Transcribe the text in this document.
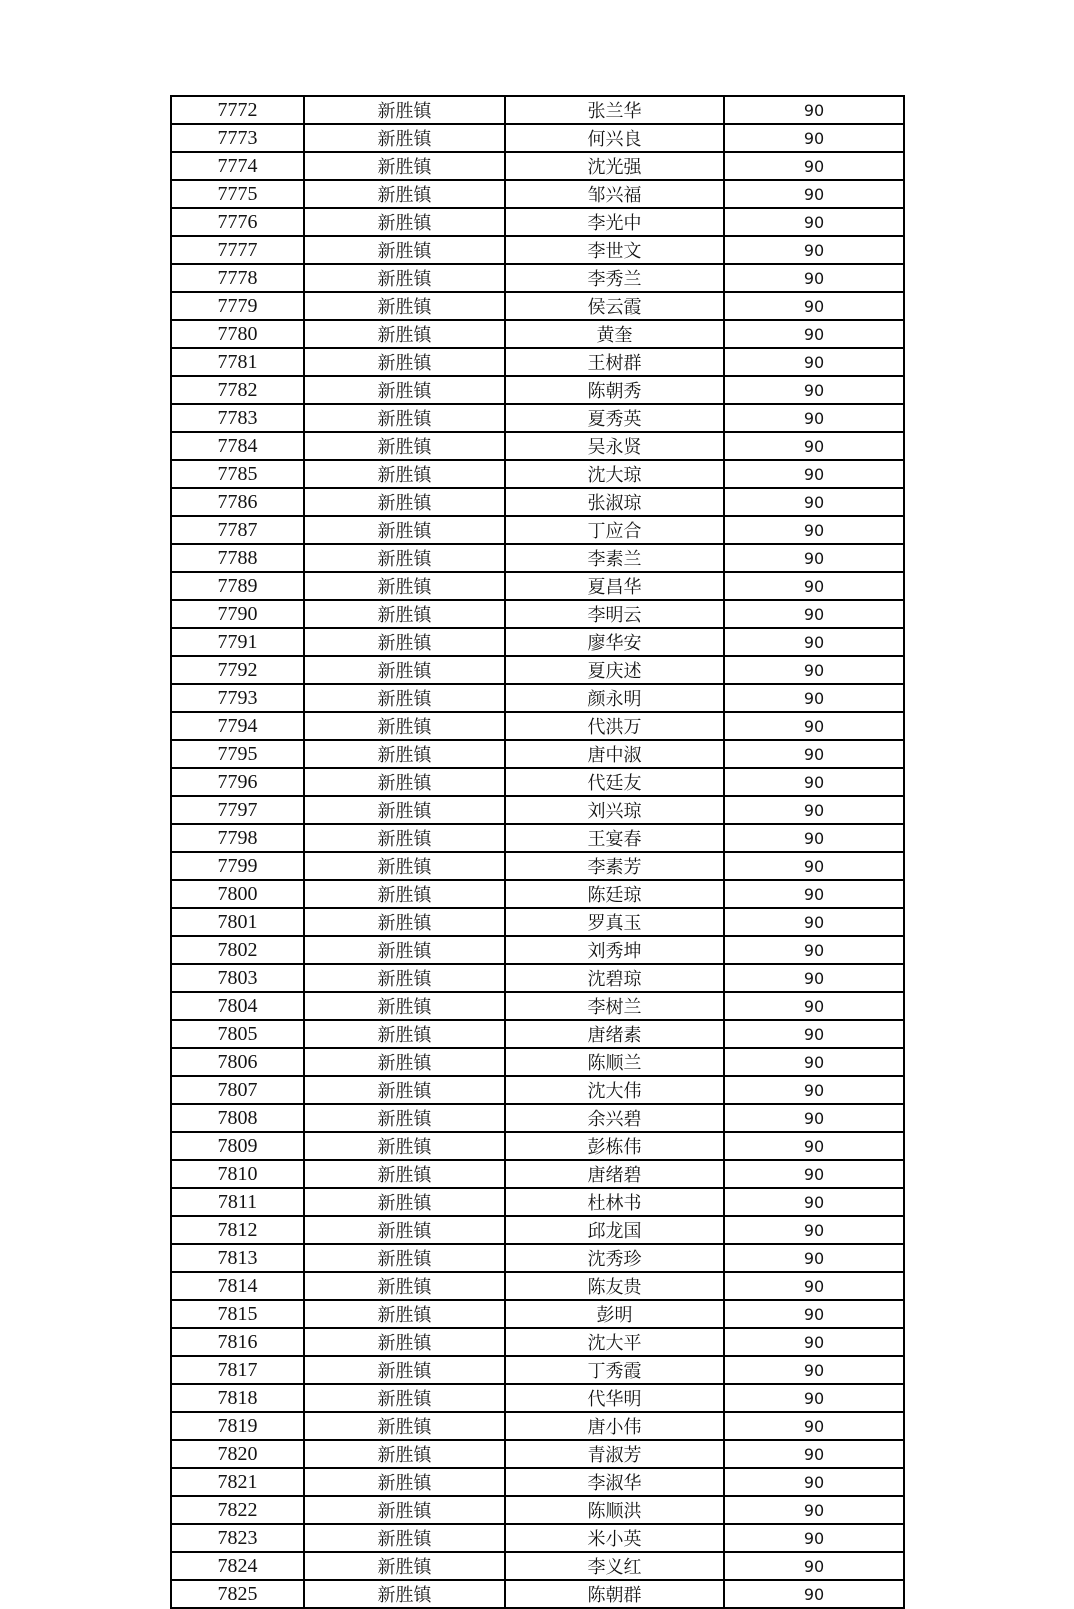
7772	新胜镇	张兰华	90
7773	新胜镇	何兴良	90
7774	新胜镇	沈光强	90
7775	新胜镇	邹兴福	90
7776	新胜镇	李光中	90
7777	新胜镇	李世文	90
7778	新胜镇	李秀兰	90
7779	新胜镇	侯云霞	90
7780	新胜镇	黄奎	90
7781	新胜镇	王树群	90
7782	新胜镇	陈朝秀	90
7783	新胜镇	夏秀英	90
7784	新胜镇	吴永贤	90
7785	新胜镇	沈大琼	90
7786	新胜镇	张淑琼	90
7787	新胜镇	丁应合	90
7788	新胜镇	李素兰	90
7789	新胜镇	夏昌华	90
7790	新胜镇	李明云	90
7791	新胜镇	廖华安	90
7792	新胜镇	夏庆述	90
7793	新胜镇	颜永明	90
7794	新胜镇	代洪万	90
7795	新胜镇	唐中淑	90
7796	新胜镇	代廷友	90
7797	新胜镇	刘兴琼	90
7798	新胜镇	王宴春	90
7799	新胜镇	李素芳	90
7800	新胜镇	陈廷琼	90
7801	新胜镇	罗真玉	90
7802	新胜镇	刘秀坤	90
7803	新胜镇	沈碧琼	90
7804	新胜镇	李树兰	90
7805	新胜镇	唐绪素	90
7806	新胜镇	陈顺兰	90
7807	新胜镇	沈大伟	90
7808	新胜镇	余兴碧	90
7809	新胜镇	彭栋伟	90
7810	新胜镇	唐绪碧	90
7811	新胜镇	杜林书	90
7812	新胜镇	邱龙国	90
7813	新胜镇	沈秀珍	90
7814	新胜镇	陈友贵	90
7815	新胜镇	彭明	90
7816	新胜镇	沈大平	90
7817	新胜镇	丁秀霞	90
7818	新胜镇	代华明	90
7819	新胜镇	唐小伟	90
7820	新胜镇	青淑芳	90
7821	新胜镇	李淑华	90
7822	新胜镇	陈顺洪	90
7823	新胜镇	米小英	90
7824	新胜镇	李义红	90
7825	新胜镇	陈朝群	90
